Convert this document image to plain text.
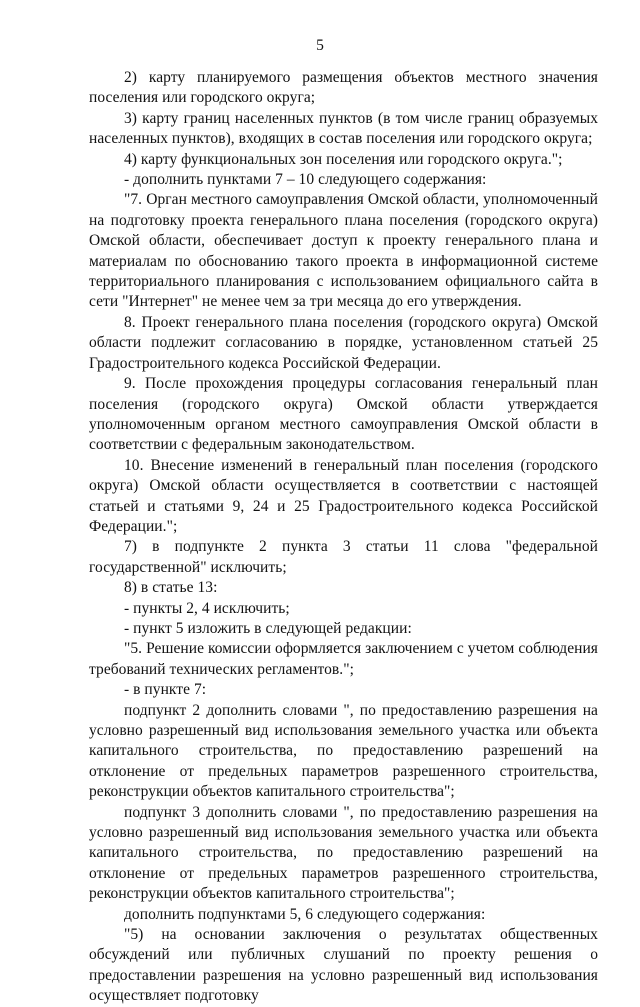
5

2) карту планируемого размещения объектов местного значения поселения или городского округа;

3) карту границ населенных пунктов (в том числе границ образуемых населенных пунктов), входящих в состав поселения или городского округа;

4) карту функциональных зон поселения или городского округа.";

- дополнить пунктами 7 – 10 следующего содержания:

"7. Орган местного самоуправления Омской области, уполномоченный на подготовку проекта генерального плана поселения (городского округа) Омской области, обеспечивает доступ к проекту генерального плана и материалам по обоснованию такого проекта в информационной системе территориального планирования с использованием официального сайта в сети "Интернет" не менее чем за три месяца до его утверждения.

8. Проект генерального плана поселения (городского округа) Омской области подлежит согласованию в порядке, установленном статьей 25 Градостроительного кодекса Российской Федерации.

9. После прохождения процедуры согласования генеральный план поселения (городского округа) Омской области утверждается уполномоченным органом местного самоуправления Омской области в соответствии с федеральным законодательством.

10. Внесение изменений в генеральный план поселения (городского округа) Омской области осуществляется в соответствии с настоящей статьей и статьями 9, 24 и 25 Градостроительного кодекса Российской Федерации.";

7) в подпункте 2 пункта 3 статьи 11 слова "федеральной государственной" исключить;

8) в статье 13:

- пункты 2, 4 исключить;

- пункт 5 изложить в следующей редакции:

"5. Решение комиссии оформляется заключением с учетом соблюдения требований технических регламентов.";

- в пункте 7:

подпункт 2 дополнить словами ", по предоставлению разрешения на условно разрешенный вид использования земельного участка или объекта капитального строительства, по предоставлению разрешений на отклонение от предельных параметров разрешенного строительства, реконструкции объектов капитального строительства";

подпункт 3 дополнить словами ", по предоставлению разрешения на условно разрешенный вид использования земельного участка или объекта капитального строительства, по предоставлению разрешений на отклонение от предельных параметров разрешенного строительства, реконструкции объектов капитального строительства";

дополнить подпунктами 5, 6 следующего содержания:

"5) на основании заключения о результатах общественных обсуждений или публичных слушаний по проекту решения о предоставлении разрешения на условно разрешенный вид использования осуществляет подготовку
